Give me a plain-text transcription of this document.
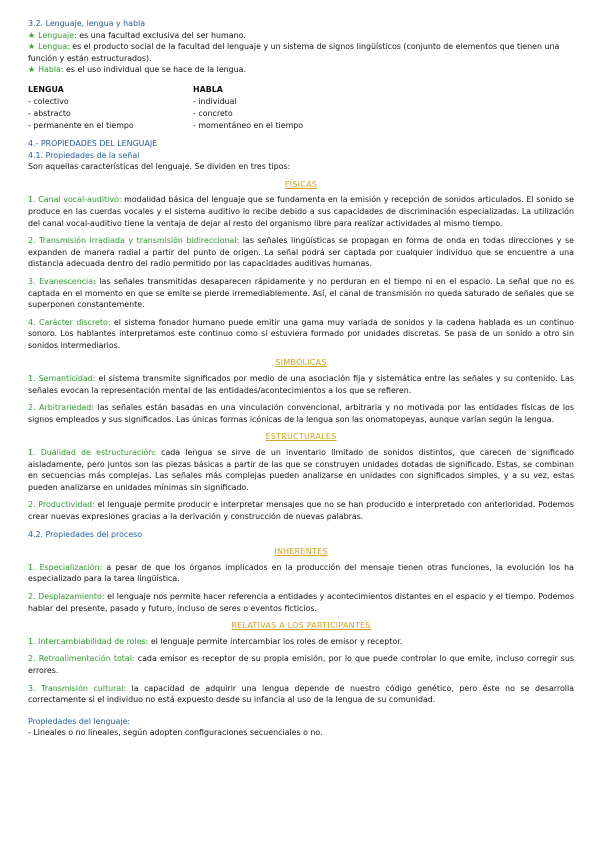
3.2. Lenguaje, lengua y habla

★ Lenguaje: es una facultad exclusiva del ser humano.

★ Lengua: es el producto social de la facultad del lenguaje y un sistema de signos lingüísticos (conjunto de elementos que tienen una función y están estructurados).

★ Habla: es el uso individual que se hace de la lengua.

LENGUA	HABLA
- colectivo	- individual
- abstracto	- concreto
- permanente en el tiempo	- momentáneo en el tiempo

4.- PROPIEDADES DEL LENGUAJE

4.1. Propiedades de la señal

Son aquellas características del lenguaje. Se dividen en tres tipos:

FÍSICAS

1. Canal vocal-auditivo: modalidad básica del lenguaje que se fundamenta en la emisión y recepción de sonidos articulados. El sonido se produce en las cuerdas vocales y el sistema auditivo lo recibe debido a sus capacidades de discriminación especializadas. La utilización del canal vocal-auditivo tiene la ventaja de dejar al resto del organismo libre para realizar actividades al mismo tiempo.

2. Transmisión irradiada y transmisión bidireccional: las señales lingüísticas se propagan en forma de onda en todas direcciones y se expanden de manera radial a partir del punto de origen. La señal podrá ser captada por cualquier individuo que se encuentre a una distancia adecuada dentro del radio permitido por las capacidades auditivas humanas.

3. Evanescencia: las señales transmitidas desaparecen rápidamente y no perduran en el tiempo ni en el espacio. La señal que no es captada en el momento en que se emite se pierde irremediablemente. Así, el canal de transmisión no queda saturado de señales que se superponen constantemente.

4. Carácter discreto: el sistema fonador humano puede emitir una gama muy variada de sonidos y la cadena hablada es un continuo sonoro. Los hablantes interpretamos este continuo como si estuviera formado por unidades discretas. Se pasa de un sonido a otro sin sonidos intermediarios.

SIMBÓLICAS

1. Semanticidad: el sistema transmite significados por medio de una asociación fija y sistemática entre las señales y su contenido. Las señales evocan la representación mental de las entidades/acontecimientos a los que se refieren.

2. Arbitrariedad: las señales están basadas en una vinculación convencional, arbitraria y no motivada por las entidades físicas de los signos empleados y sus significados. Las únicas formas icónicas de la lengua son las onomatopeyas, aunque varían según la lengua.

ESTRUCTURALES

1. Dualidad de estructuración: cada lengua se sirve de un inventario limitado de sonidos distintos, que carecen de significado aisladamente, pero juntos son las piezas básicas a partir de las que se construyen unidades dotadas de significado. Estas, se combinan en secuencias más complejas. Las señales más complejas pueden analizarse en unidades con significados simples, y a su vez, estas pueden analizarse en unidades mínimas sin significado.

2. Productividad: el lenguaje permite producir e interpretar mensajes que no se han producido e interpretado con anterioridad. Podemos crear nuevas expresiones gracias a la derivación y construcción de nuevas palabras.

4.2. Propiedades del proceso

INHERENTES

1. Especialización: a pesar de que los órganos implicados en la producción del mensaje tienen otras funciones, la evolución los ha especializado para la tarea lingüística.

2. Desplazamiento: el lenguaje nos permite hacer referencia a entidades y acontecimientos distantes en el espacio y el tiempo. Podemos hablar del presente, pasado y futuro, incluso de seres o eventos ficticios.

RELATIVAS A LOS PARTICIPANTES

1. Intercambiabilidad de roles: el lenguaje permite intercambiar los roles de emisor y receptor.

2. Retroalimentación total: cada emisor es receptor de su propia emisión, por lo que puede controlar lo que emite, incluso corregir sus errores.

3. Transmisión cultural: la capacidad de adquirir una lengua depende de nuestro código genético, pero éste no se desarrolla correctamente si el individuo no está expuesto desde su infancia al uso de la lengua de su comunidad.

Propiedades del lenguaje:

- Lineales o no lineales, según adopten configuraciones secuenciales o no.
